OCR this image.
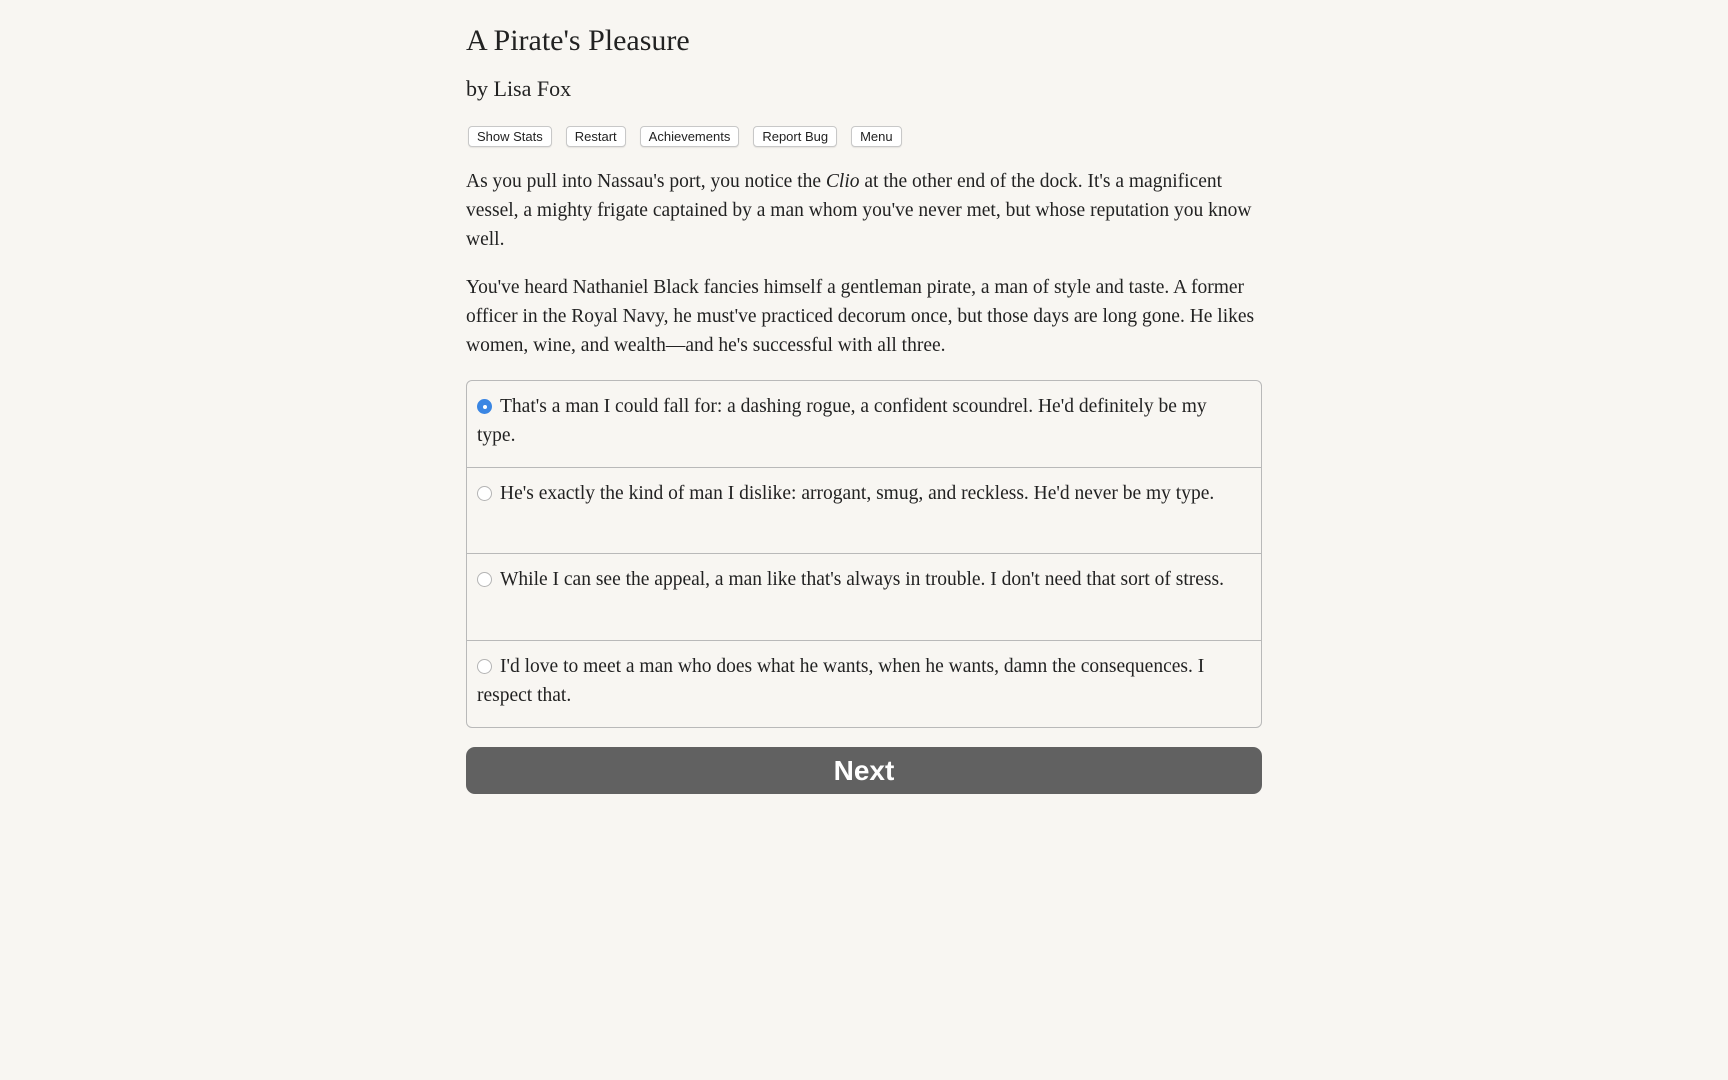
A Pirate's Pleasure
by Lisa Fox
Show Stats	Restart	Achievements	Report Bug	Menu

As you pull into Nassau's port, you notice the Clio at the other end of the dock. It's a magnificent vessel, a mighty frigate captained by a man whom you've never met, but whose reputation you know well.

You've heard Nathaniel Black fancies himself a gentleman pirate, a man of style and taste. A former officer in the Royal Navy, he must've practiced decorum once, but those days are long gone. He likes women, wine, and wealth—and he's successful with all three.

That's a man I could fall for: a dashing rogue, a confident scoundrel. He'd definitely be my type.
He's exactly the kind of man I dislike: arrogant, smug, and reckless. He'd never be my type.
While I can see the appeal, a man like that's always in trouble. I don't need that sort of stress.
I'd love to meet a man who does what he wants, when he wants, damn the consequences. I respect that.
Next
